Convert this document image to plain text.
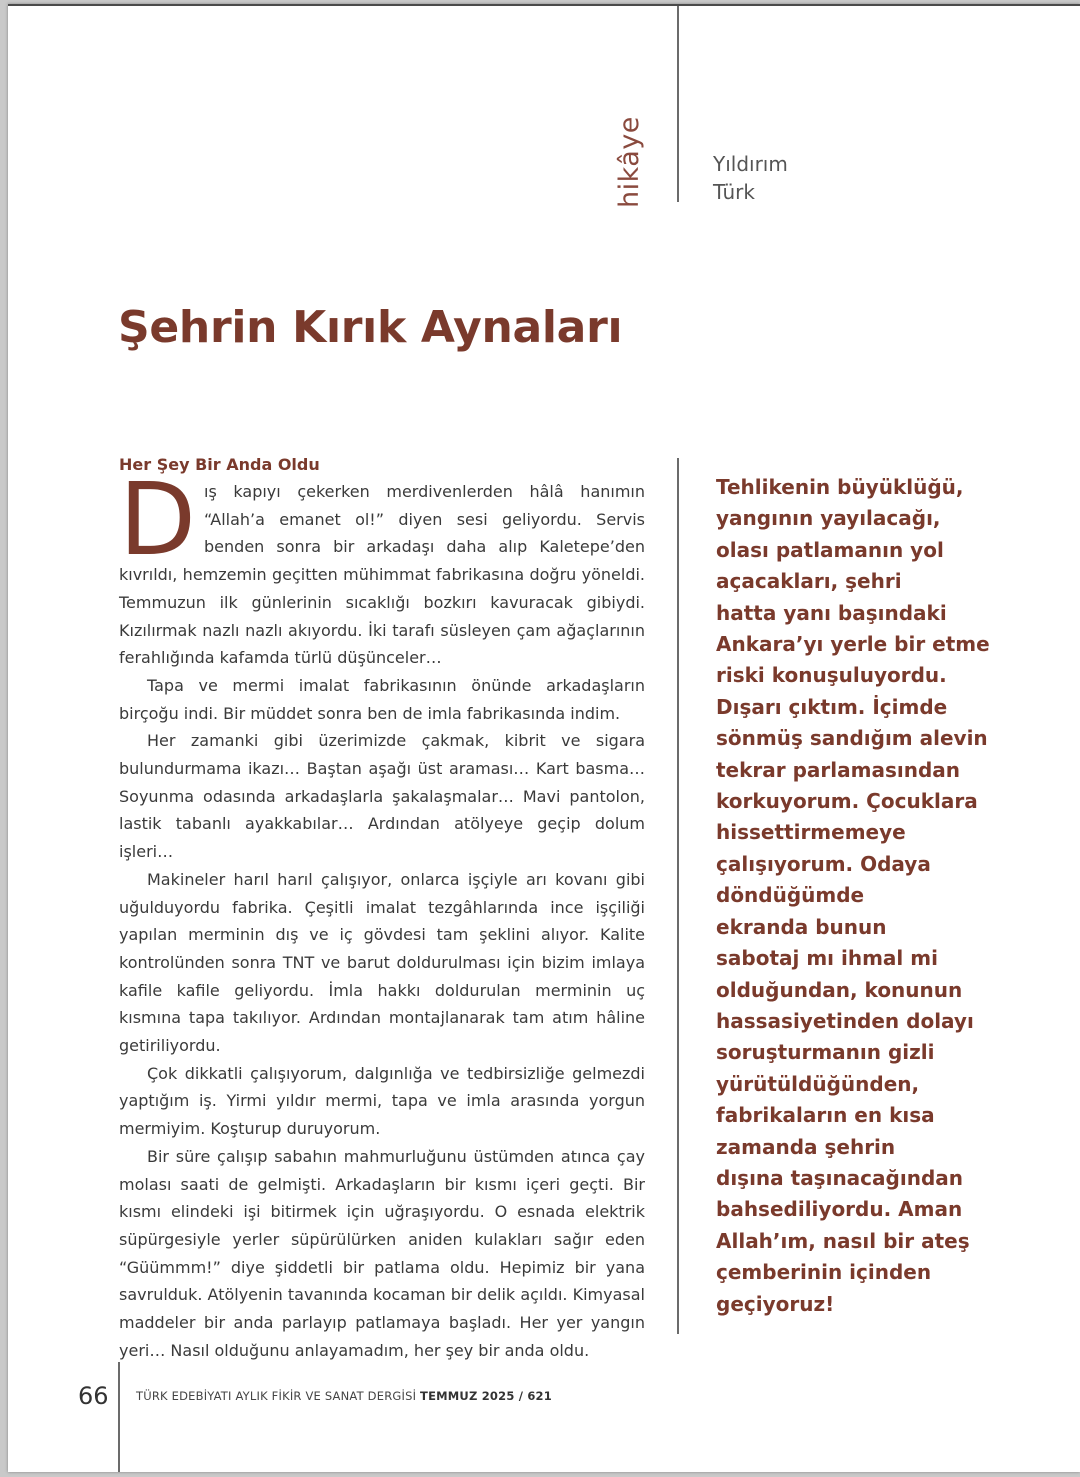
hikâye	Yıldırım
Türk
Şehrin Kırık Aynaları
Her Şey Bir Anda Oldu

Dış kapıyı çekerken merdivenlerden hâlâ hanımın “Allah’a emanet ol!” diyen sesi geliyordu. Servis benden sonra bir arkadaşı daha alıp Kaletepe’den kıvrıldı, hemzemin geçitten mühimmat fabrikasına doğru yöneldi. Temmuzun ilk günlerinin sıcaklığı bozkırı kavuracak gibiydi. Kızılırmak nazlı nazlı akıyordu. İki tarafı süsleyen çam ağaçlarının ferahlığında kafamda türlü düşünceler…

Tapa ve mermi imalat fabrikasının önünde arkadaşların birçoğu indi. Bir müddet sonra ben de imla fabrikasında indim.

Her zamanki gibi üzerimizde çakmak, kibrit ve sigara bulundurmama ikazı… Baştan aşağı üst araması… Kart basma… Soyunma odasında arkadaşlarla şakalaşmalar… Mavi pantolon, lastik tabanlı ayakkabılar… Ardından atölyeye geçip dolum işleri…

Makineler harıl harıl çalışıyor, onlarca işçiyle arı kovanı gibi uğulduyordu fabrika. Çeşitli imalat tezgâhlarında ince işçiliği yapılan merminin dış ve iç gövdesi tam şeklini alıyor. Kalite kontrolünden sonra TNT ve barut doldurulması için bizim imlaya kafile kafile geliyordu. İmla hakkı doldurulan merminin uç kısmına tapa takılıyor. Ardından montajlanarak tam atım hâline getiriliyordu.

Çok dikkatli çalışıyorum, dalgınlığa ve tedbirsizliğe gelmezdi yaptığım iş. Yirmi yıldır mermi, tapa ve imla arasında yorgun mermiyim. Koşturup duruyorum.

Bir süre çalışıp sabahın mahmurluğunu üstümden atınca çay molası saati de gelmişti. Arkadaşların bir kısmı içeri geçti. Bir kısmı elindeki işi bitirmek için uğraşıyordu. O esnada elektrik süpürgesiyle yerler süpürülürken aniden kulakları sağır eden “Güümmm!” diye şiddetli bir patlama oldu. Hepimiz bir yana savrulduk. Atölyenin tavanında kocaman bir delik açıldı. Kimyasal maddeler bir anda parlayıp patlamaya başladı. Her yer yangın yeri… Nasıl olduğunu anlayamadım, her şey bir anda oldu.

Tehlikenin büyüklüğü,
yangının yayılacağı,
olası patlamanın yol
açacakları, şehri
hatta yanı başındaki
Ankara’yı yerle bir etme
riski konuşuluyordu.
Dışarı çıktım. İçimde
sönmüş sandığım alevin
tekrar parlamasından
korkuyorum. Çocuklara
hissettirmemeye
çalışıyorum. Odaya
döndüğümde
ekranda bunun
sabotaj mı ihmal mi
olduğundan, konunun
hassasiyetinden dolayı
soruşturmanın gizli
yürütüldüğünden,
fabrikaların en kısa
zamanda şehrin
dışına taşınacağından
bahsediliyordu. Aman
Allah’ım, nasıl bir ateş
çemberinin içinden
geçiyoruz!
66 TÜRK EDEBİYATI AYLIK FİKİR VE SANAT DERGİSİ TEMMUZ 2025 / 621
